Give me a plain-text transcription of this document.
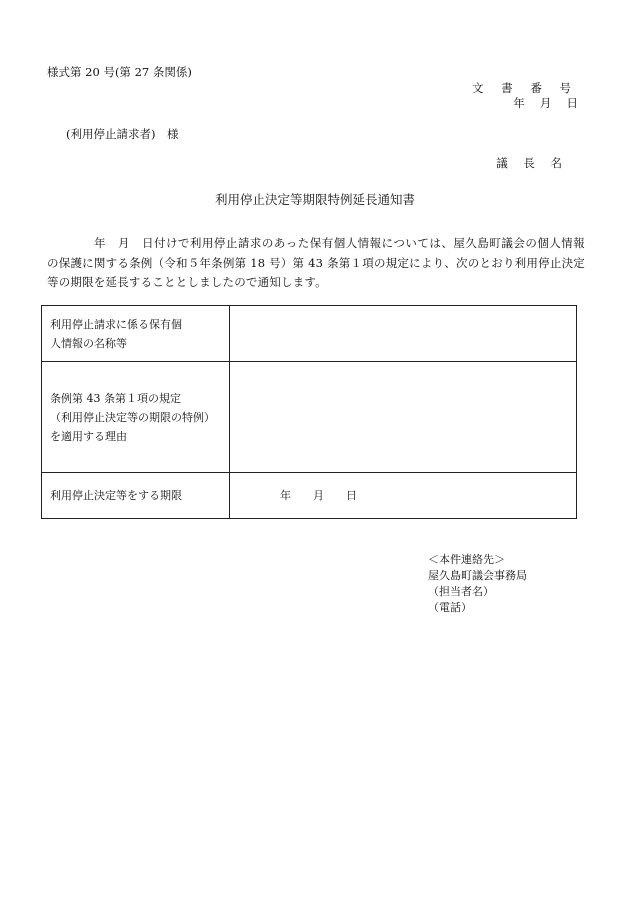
様式第 20 号(第 27 条関係)
文 書 番 号
年　 月　 日
(利用停止請求者)　様
議 長 名
利用停止決定等期限特例延長通知書
年　月　日付けで利用停止請求のあった保有個人情報については、屋久島町議会の個人情報の保護に関する条例（令和５年条例第 18 号）第 43 条第１項の規定により、次のとおり利用停止決定等の期限を延長することとしましたので通知します。
利用停止請求に係る保有個
人情報の名称等	

条例第 43 条第１項の規定
（利用停止決定等の期限の特例）
を適用する理由	

利用停止決定等をする期限	年　　月　　日
＜本件連絡先＞
屋久島町議会事務局
（担当者名）
（電話）
